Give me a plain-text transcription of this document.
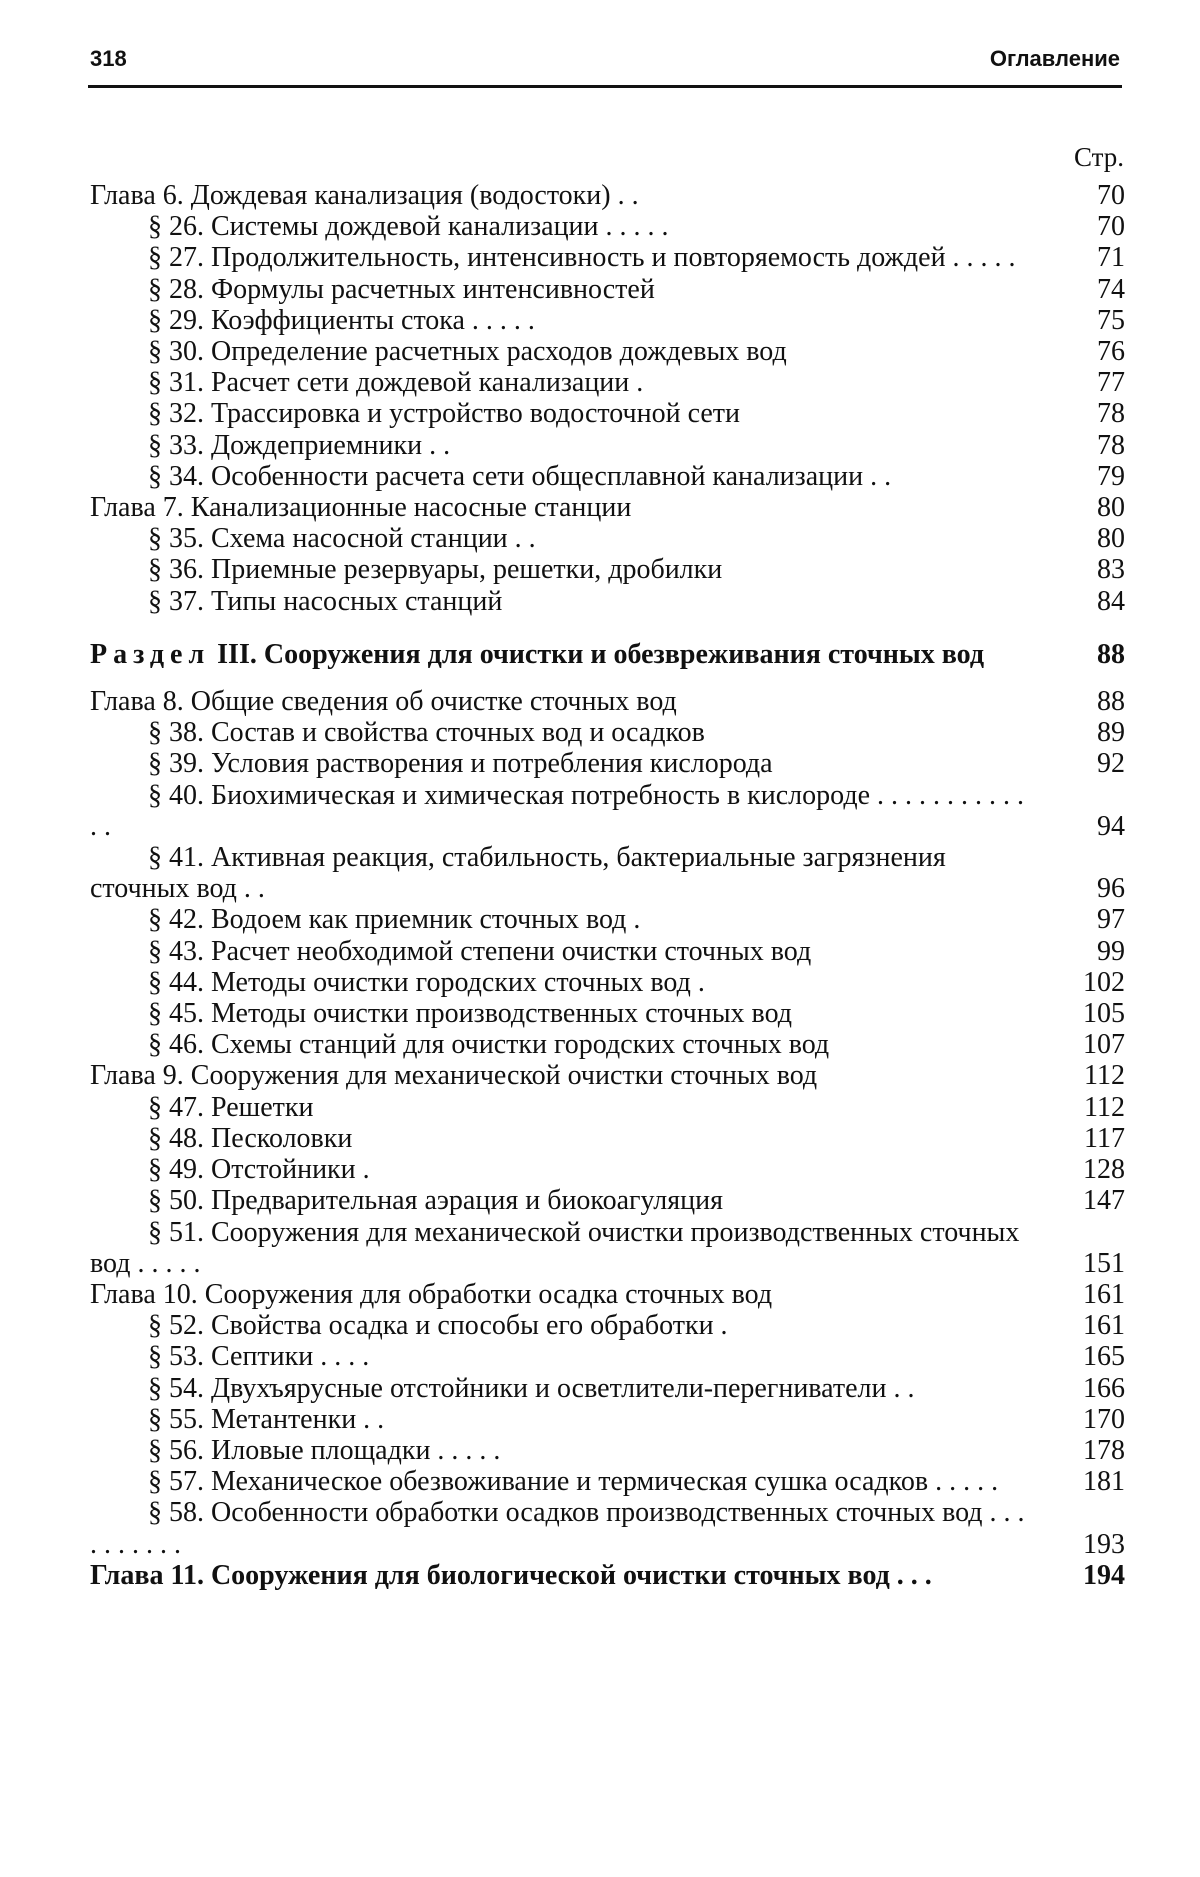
318	Оглавление
Стр.
Глава 6. Дождевая канализация (водостоки) . .	70
§ 26. Системы дождевой канализации . . . . .	70
§ 27. Продолжительность, интенсивность и повторяемость дождей . . . . .	71
§ 28. Формулы расчетных интенсивностей	74
§ 29. Коэффициенты стока . . . . .	75
§ 30. Определение расчетных расходов дождевых вод	76
§ 31. Расчет сети дождевой канализации .	77
§ 32. Трассировка и устройство водосточной сети	78
§ 33. Дождеприемники . .	78
§ 34. Особенности расчета сети общесплавной канализации . .	79
Глава 7. Канализационные насосные станции	80
§ 35. Схема насосной станции . .	80
§ 36. Приемные резервуары, решетки, дробилки	83
§ 37. Типы насосных станций	84
Раздел III. Сооружения для очистки и обезвреживания сточных вод	88
Глава 8. Общие сведения об очистке сточных вод	88
§ 38. Состав и свойства сточных вод и осадков	89
§ 39. Условия растворения и потребления кислорода	92
§ 40. Биохимическая и химическая потребность в кислороде . . . . . . . . . . . . .	94
§ 41. Активная реакция, стабильность, бактериальные загрязнения сточных вод . .	96
§ 42. Водоем как приемник сточных вод .	97
§ 43. Расчет необходимой степени очистки сточных вод	99
§ 44. Методы очистки городских сточных вод .	102
§ 45. Методы очистки производственных сточных вод	105
§ 46. Схемы станций для очистки городских сточных вод	107
Глава 9. Сооружения для механической очистки сточных вод	112
§ 47. Решетки	112
§ 48. Песколовки	117
§ 49. Отстойники .	128
§ 50. Предварительная аэрация и биокоагуляция	147
§ 51. Сооружения для механической очистки производственных сточных вод . . . . .	151
Глава 10. Сооружения для обработки осадка сточных вод	161
§ 52. Свойства осадка и способы его обработки .	161
§ 53. Септики . . . .	165
§ 54. Двухъярусные отстойники и осветлители-перегниватели . .	166
§ 55. Метантенки . .	170
§ 56. Иловые площадки . . . . .	178
§ 57. Механическое обезвоживание и термическая сушка осадков . . . . .	181
§ 58. Особенности обработки осадков производственных сточных вод . . . . . . . . . .	193
Глава 11. Сооружения для биологической очистки сточных вод . . .	194
